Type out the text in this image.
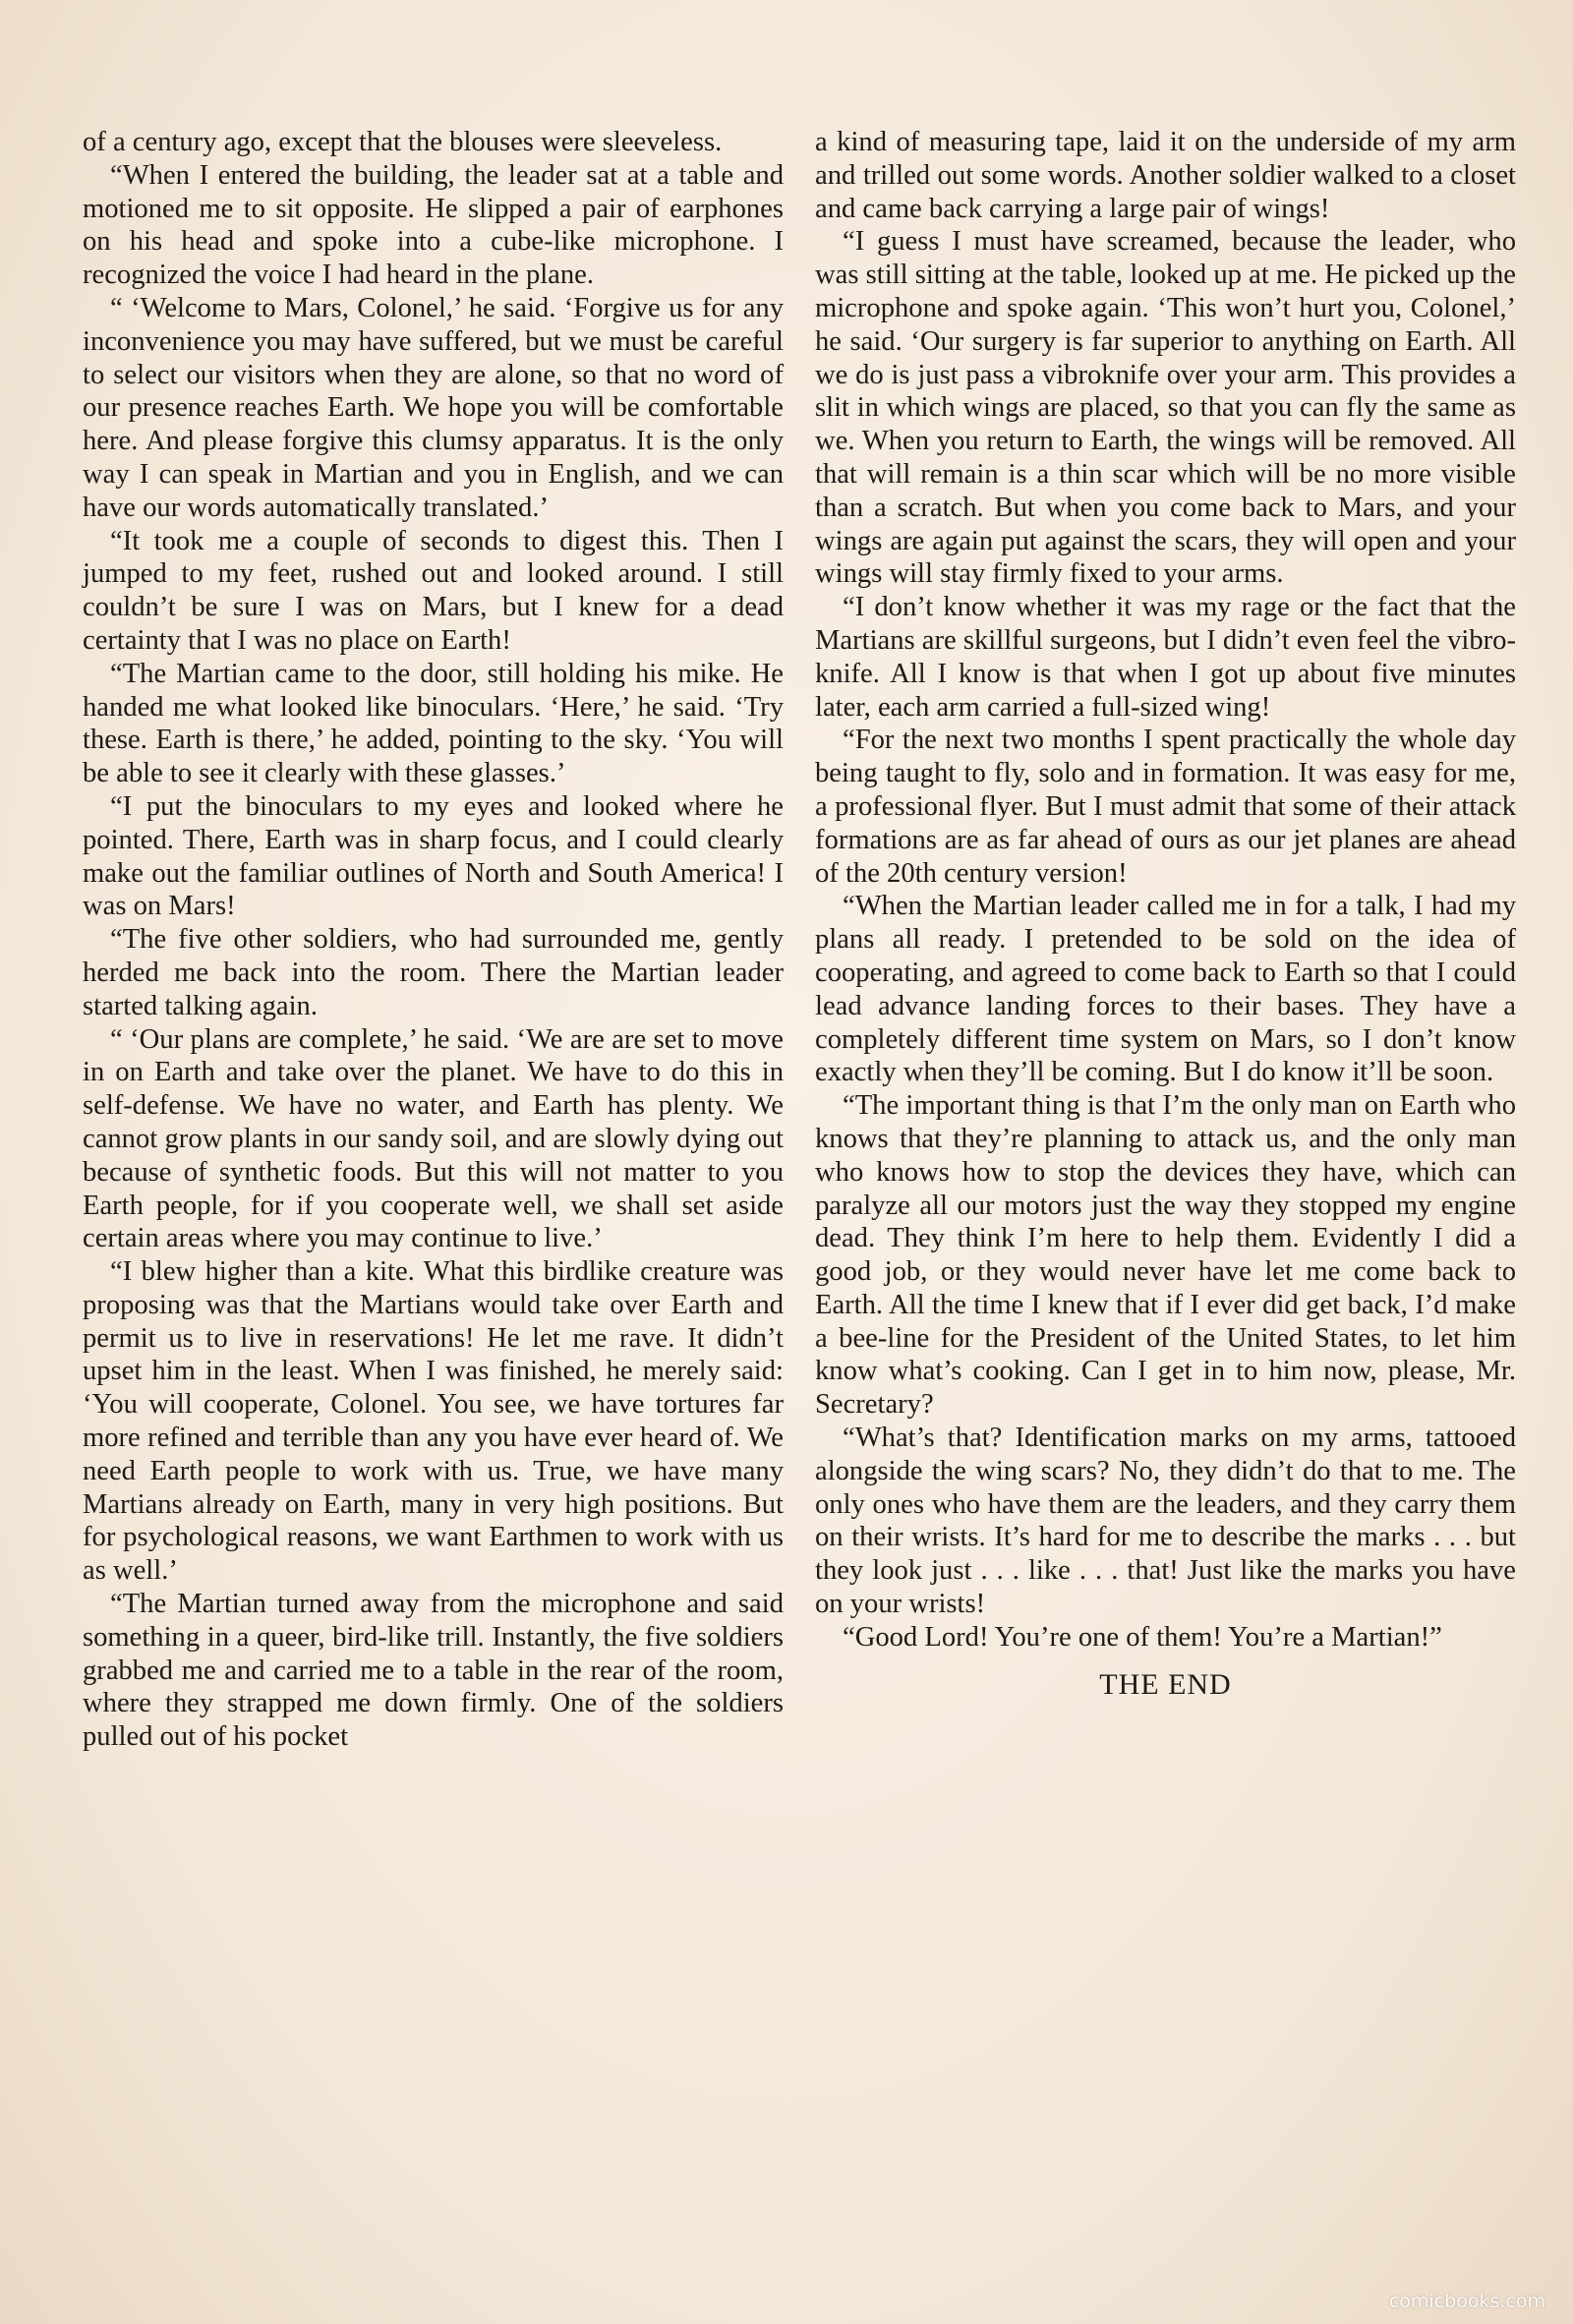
of a century ago, except that the blouses were sleeveless.

“When I entered the building, the leader sat at a table and motioned me to sit opposite. He slipped a pair of earphones on his head and spoke into a cube-like microphone. I recognized the voice I had heard in the plane.

“ ‘Welcome to Mars, Colonel,’ he said. ‘Forgive us for any inconvenience you may have suffered, but we must be careful to select our visitors when they are alone, so that no word of our presence reaches Earth. We hope you will be comfortable here. And please forgive this clumsy apparatus. It is the only way I can speak in Martian and you in English, and we can have our words automatically translated.’

“It took me a couple of seconds to digest this. Then I jumped to my feet, rushed out and looked around. I still couldn’t be sure I was on Mars, but I knew for a dead certainty that I was no place on Earth!

“The Martian came to the door, still holding his mike. He handed me what looked like binoculars. ‘Here,’ he said. ‘Try these. Earth is there,’ he added, pointing to the sky. ‘You will be able to see it clearly with these glasses.’

“I put the binoculars to my eyes and looked where he pointed. There, Earth was in sharp focus, and I could clearly make out the familiar outlines of North and South America! I was on Mars!

“The five other soldiers, who had surrounded me, gently herded me back into the room. There the Martian leader started talking again.

“ ‘Our plans are complete,’ he said. ‘We are are set to move in on Earth and take over the planet. We have to do this in self-defense. We have no water, and Earth has plenty. We cannot grow plants in our sandy soil, and are slowly dying out because of synthetic foods. But this will not matter to you Earth people, for if you cooperate well, we shall set aside certain areas where you may continue to live.’

“I blew higher than a kite. What this birdlike creature was proposing was that the Martians would take over Earth and permit us to live in reservations! He let me rave. It didn’t upset him in the least. When I was finished, he merely said: ‘You will cooperate, Colonel. You see, we have tortures far more refined and terrible than any you have ever heard of. We need Earth people to work with us. True, we have many Martians already on Earth, many in very high positions. But for psychological reasons, we want Earthmen to work with us as well.’

“The Martian turned away from the microphone and said something in a queer, bird-like trill. Instantly, the five soldiers grabbed me and carried me to a table in the rear of the room, where they strapped me down firmly. One of the soldiers pulled out of his pocket

a kind of measuring tape, laid it on the underside of my arm and trilled out some words. Another soldier walked to a closet and came back carrying a large pair of wings!

“I guess I must have screamed, because the leader, who was still sitting at the table, looked up at me. He picked up the microphone and spoke again. ‘This won’t hurt you, Colonel,’ he said. ‘Our surgery is far superior to anything on Earth. All we do is just pass a vibroknife over your arm. This provides a slit in which wings are placed, so that you can fly the same as we. When you return to Earth, the wings will be removed. All that will remain is a thin scar which will be no more visible than a scratch. But when you come back to Mars, and your wings are again put against the scars, they will open and your wings will stay firmly fixed to your arms.

“I don’t know whether it was my rage or the fact that the Martians are skillful surgeons, but I didn’t even feel the vibro-knife. All I know is that when I got up about five minutes later, each arm carried a full-sized wing!

“For the next two months I spent practically the whole day being taught to fly, solo and in formation. It was easy for me, a professional flyer. But I must admit that some of their attack formations are as far ahead of ours as our jet planes are ahead of the 20th century version!

“When the Martian leader called me in for a talk, I had my plans all ready. I pretended to be sold on the idea of cooperating, and agreed to come back to Earth so that I could lead advance landing forces to their bases. They have a completely different time system on Mars, so I don’t know exactly when they’ll be coming. But I do know it’ll be soon.

“The important thing is that I’m the only man on Earth who knows that they’re planning to attack us, and the only man who knows how to stop the devices they have, which can paralyze all our motors just the way they stopped my engine dead. They think I’m here to help them. Evidently I did a good job, or they would never have let me come back to Earth. All the time I knew that if I ever did get back, I’d make a bee-line for the President of the United States, to let him know what’s cooking. Can I get in to him now, please, Mr. Secretary?

“What’s that? Identification marks on my arms, tattooed alongside the wing scars? No, they didn’t do that to me. The only ones who have them are the leaders, and they carry them on their wrists. It’s hard for me to describe the marks . . . but they look just . . . like . . . that! Just like the marks you have on your wrists!

“Good Lord! You’re one of them! You’re a Martian!”

THE END

comicbooks.com
